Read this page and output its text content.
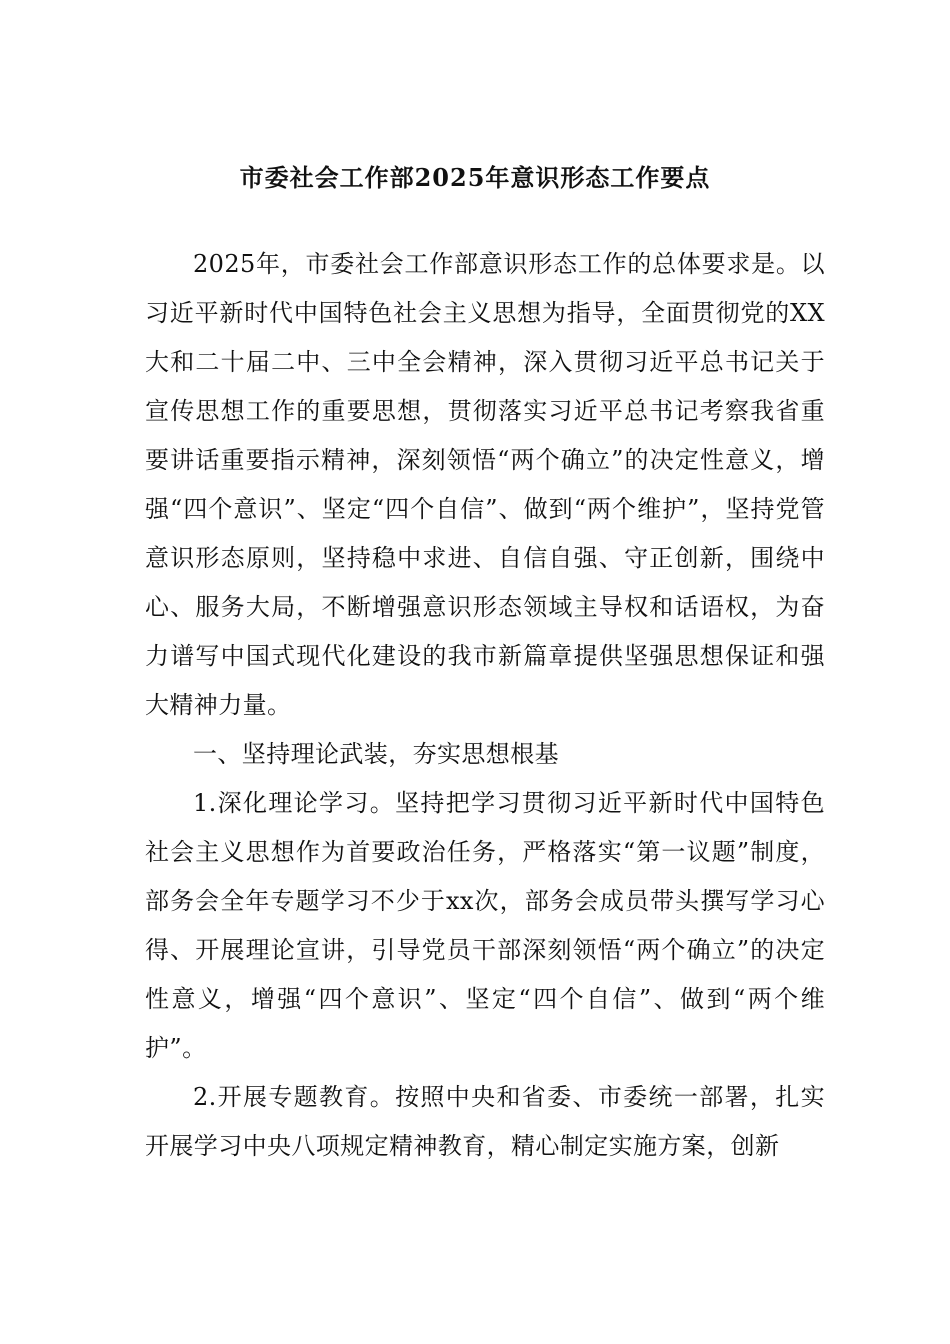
市委社会工作部2025年意识形态工作要点

2025年，市委社会工作部意识形态工作的总体要求是。以习近平新时代中国特色社会主义思想为指导，全面贯彻党的XX大和二十届二中、三中全会精神，深入贯彻习近平总书记关于宣传思想工作的重要思想，贯彻落实习近平总书记考察我省重要讲话重要指示精神，深刻领悟“两个确立”的决定性意义，增强“四个意识”、坚定“四个自信”、做到“两个维护”，坚持党管意识形态原则，坚持稳中求进、自信自强、守正创新，围绕中心、服务大局，不断增强意识形态领域主导权和话语权，为奋力谱写中国式现代化建设的我市新篇章提供坚强思想保证和强大精神力量。

一、坚持理论武装，夯实思想根基

1.深化理论学习。坚持把学习贯彻习近平新时代中国特色社会主义思想作为首要政治任务，严格落实“第一议题”制度，部务会全年专题学习不少于xx次，部务会成员带头撰写学习心得、开展理论宣讲，引导党员干部深刻领悟“两个确立”的决定性意义，增强“四个意识”、坚定“四个自信”、做到“两个维护”。

2.开展专题教育。按照中央和省委、市委统一部署，扎实开展学习中央八项规定精神教育，精心制定实施方案，创新
